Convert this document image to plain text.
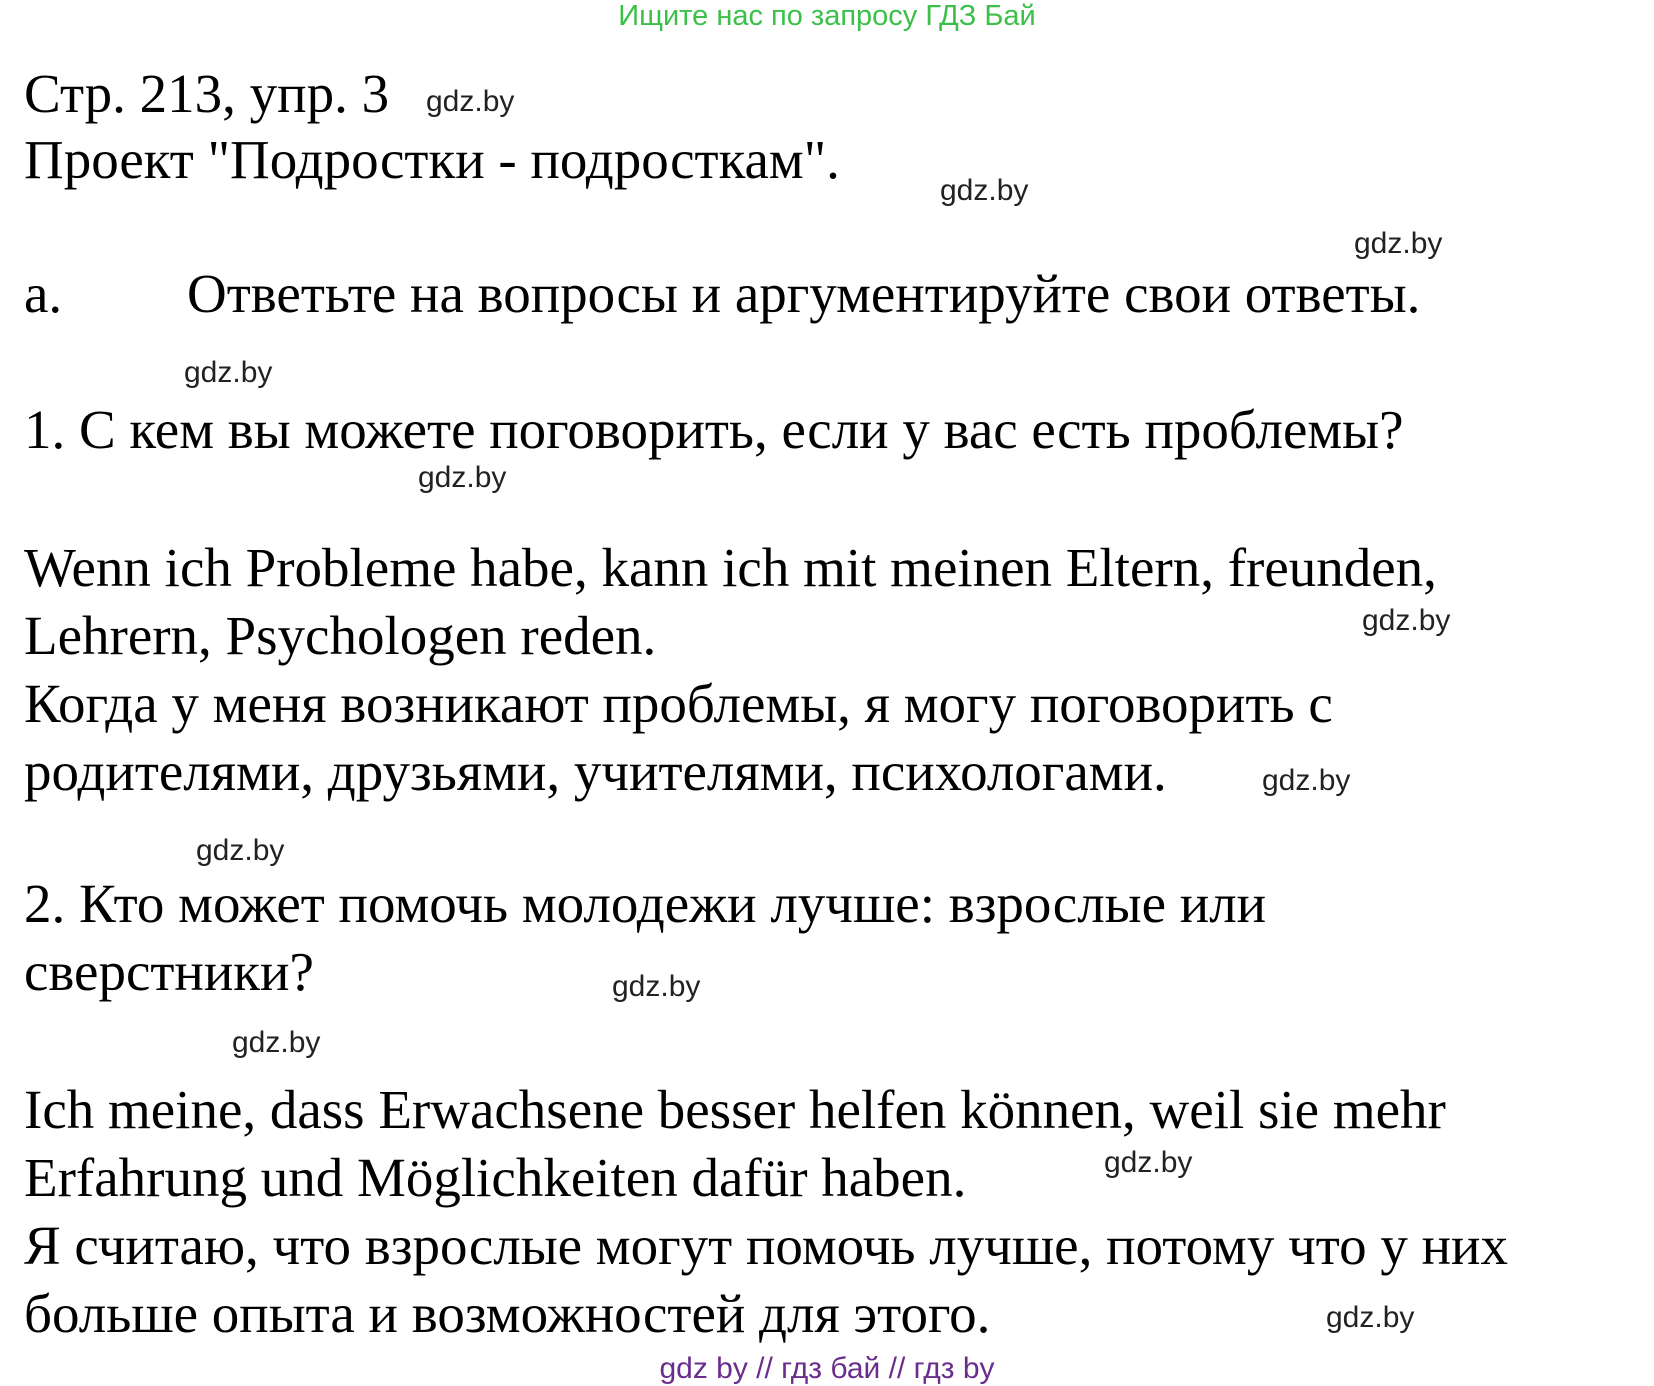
Ищите нас по запросу ГДЗ Бай
Стр. 213, упр. 3 gdz.by
Проект "Подростки - подросткам".
gdz.by
gdz.by
а. Ответьте на вопросы и аргументируйте свои ответы.
gdz.by
1. С кем вы можете поговорить, если у вас есть проблемы?
gdz.by
Wenn ich Probleme habe, kann ich mit meinen Eltern, freunden,
gdz.by
Lehrern, Psychologen reden.
Когда у меня возникают проблемы, я могу поговорить с
родителями, друзьями, учителями, психологами.	gdz.by
gdz.by
2. Кто может помочь молодежи лучше: взрослые или
сверстники?	gdz.by
gdz.by
Ich meine, dass Erwachsene besser helfen können, weil sie mehr
Erfahrung und Möglichkeiten dafür haben.	gdz.by
Я считаю, что взрослые могут помочь лучше, потому что у них
больше опыта и возможностей для этого.	gdz.by
gdz by // гдз бай // гдз by
